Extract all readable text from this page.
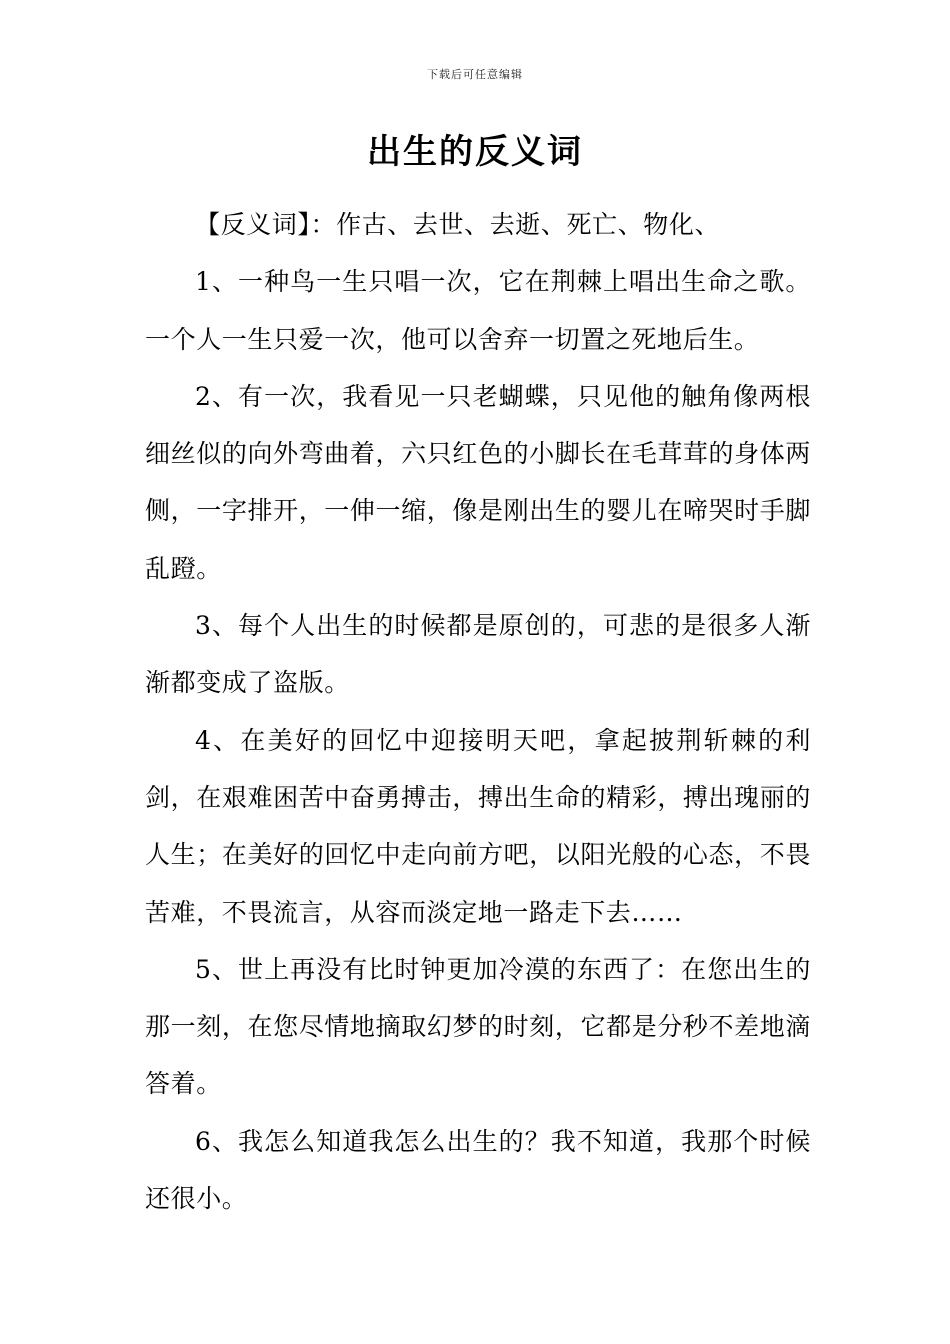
下载后可任意编辑
出生的反义词

【反义词】：作古、去世、去逝、死亡、物化、

1、一种鸟一生只唱一次，它在荆棘上唱出生命之歌。一个人一生只爱一次，他可以舍弃一切置之死地后生。

2、有一次，我看见一只老蝴蝶，只见他的触角像两根细丝似的向外弯曲着，六只红色的小脚长在毛茸茸的身体两侧，一字排开，一伸一缩，像是刚出生的婴儿在啼哭时手脚乱蹬。

3、每个人出生的时候都是原创的，可悲的是很多人渐渐都变成了盗版。

4、在美好的回忆中迎接明天吧，拿起披荆斩棘的利剑，在艰难困苦中奋勇搏击，搏出生命的精彩，搏出瑰丽的人生；在美好的回忆中走向前方吧，以阳光般的心态，不畏苦难，不畏流言，从容而淡定地一路走下去……

5、世上再没有比时钟更加冷漠的东西了：在您出生的那一刻，在您尽情地摘取幻梦的时刻，它都是分秒不差地滴答着。

6、我怎么知道我怎么出生的？我不知道，我那个时候还很小。
